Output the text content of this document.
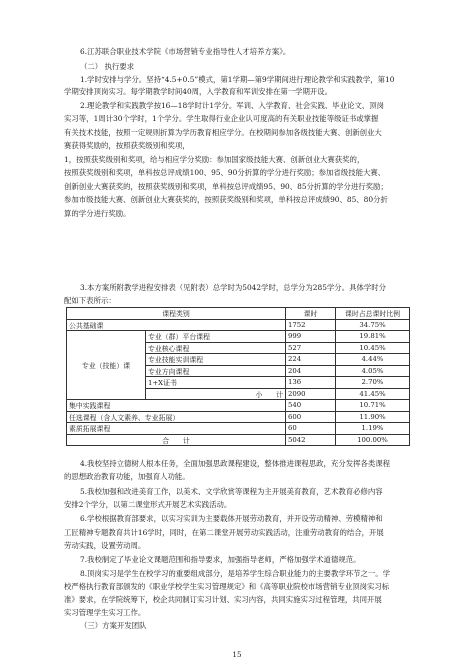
6.江苏联合职业技术学院《市场营销专业指导性人才培养方案》。
（二） 执行要求
1.学时安排与学分。坚持“4.5+0.5”模式，第1学期—第9学期间进行理论教学和实践教学，第10
学期安排顶岗实习。每学期教学时间40周，入学教育和军训安排在第一学期开设。
2.理论教学和实践教学按16—18学时计1学分。军训、入学教育、社会实践、毕业论文、顶岗
实习等，1周计30个学时，1个学分。学生取得行业企业认可度高的有关职业技能等级证书或掌握
有关技术技能，按照一定规则折算为学历教育相应学分。在校期间参加各级技能大赛、创新创业大
赛获得奖励的，按照获奖级别和奖项，
1，按照获奖级别和奖项，给与相应学分奖励：参加国家级技能大赛、创新创业大赛获奖的，
按照获奖级别和奖项，单科按总评成绩100、95、90分折算的学分进行奖励；参加省级技能大赛、
创新创业大赛获奖的，按照获奖级别和奖项，单科按总评成绩95、90、85分折算的学分进行奖励；
参加市级技能大赛、创新创业大赛获奖的，按照获奖级别和奖项，单科按总评成绩90、85、80分折
算的学分进行奖励。
3.本方案所附教学进程安排表（见附表）总学时为5042学时，总学分为285学分。具体学时分
配如下表所示：
课程类别		课时	课时占总课时比例
公共基础课		1752	34.75%
专业（技能）课	专业（群）平台课程	999	19.81%
	专业核心课程	527	10.45%
	专业技能实训课程	224	4.44%
	专业方向课程	204	4.05%
	1+X证书	136	2.70%
	小　　计	2090	41.45%
集中实践课程		540	10.71%
任选课程（含人文素养、专业拓展）		600	11.90%
素质拓展课程		60	1.19%
合　　计		5042	100.00%
4.我校坚持立德树人根本任务，全面加强思政课程建设，整体推进课程思政，充分发挥各类课程
的思想政治教育功能，加强育人功能。
5.我校加强和改进美育工作，以美术、文学欣赏等课程为主开展美育教育，艺术教育必修内容
安排2个学分，以第二课堂形式开展艺术实践活动。
6.学校根据教育部要求，以实习实训为主要载体开展劳动教育，并开设劳动精神、劳模精神和
工匠精神专题教育共计16学时，同时，在第二课堂开展劳动实践活动，注重劳动教育的结合，开展
劳动实践，设置劳动周。
7.我校制定了毕业论文课题范围和指导要求，加强指导老师，严格加强学术道德规范。
8.顶岗实习是学生在校学习的重要组成部分，是培养学生综合职业能力的主要教学环节之一。学
校严格执行教育部颁发的《职业学校学生实习管理规定》和《高等职业院校市场营销专业顶岗实习标
准》要求，在学院统筹下，校企共同制订实习计划、实习内容，共同实施实习过程管理，共同开展
实习管理学生实习工作。
（三）方案开发团队
15
